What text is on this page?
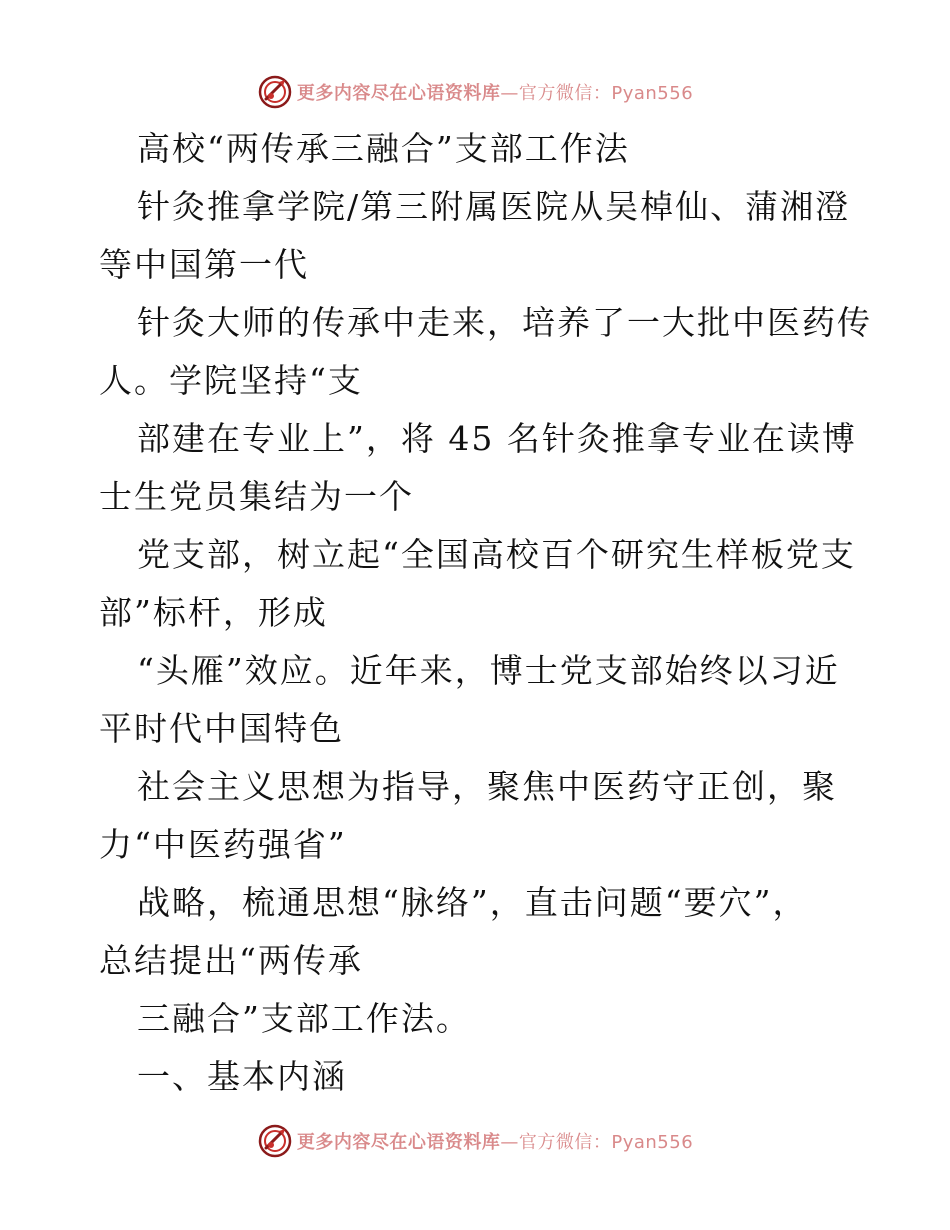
更多内容尽在心语资料库—官方微信：Pyan556
高校“两传承三融合”支部工作法
针灸推拿学院/第三附属医院从吴棹仙、蒲湘澄
等中国第一代
针灸大师的传承中走来，培养了一大批中医药传
人。学院坚持“支
部建在专业上”，将 45 名针灸推拿专业在读博
士生党员集结为一个
党支部，树立起“全国高校百个研究生样板党支
部”标杆，形成
“头雁”效应。近年来，博士党支部始终以习近
平时代中国特色
社会主义思想为指导，聚焦中医药守正创，聚
力“中医药强省”
战略，梳通思想“脉络”，直击问题“要穴”，
总结提出“两传承
三融合”支部工作法。
一、基本内涵
更多内容尽在心语资料库—官方微信：Pyan556
